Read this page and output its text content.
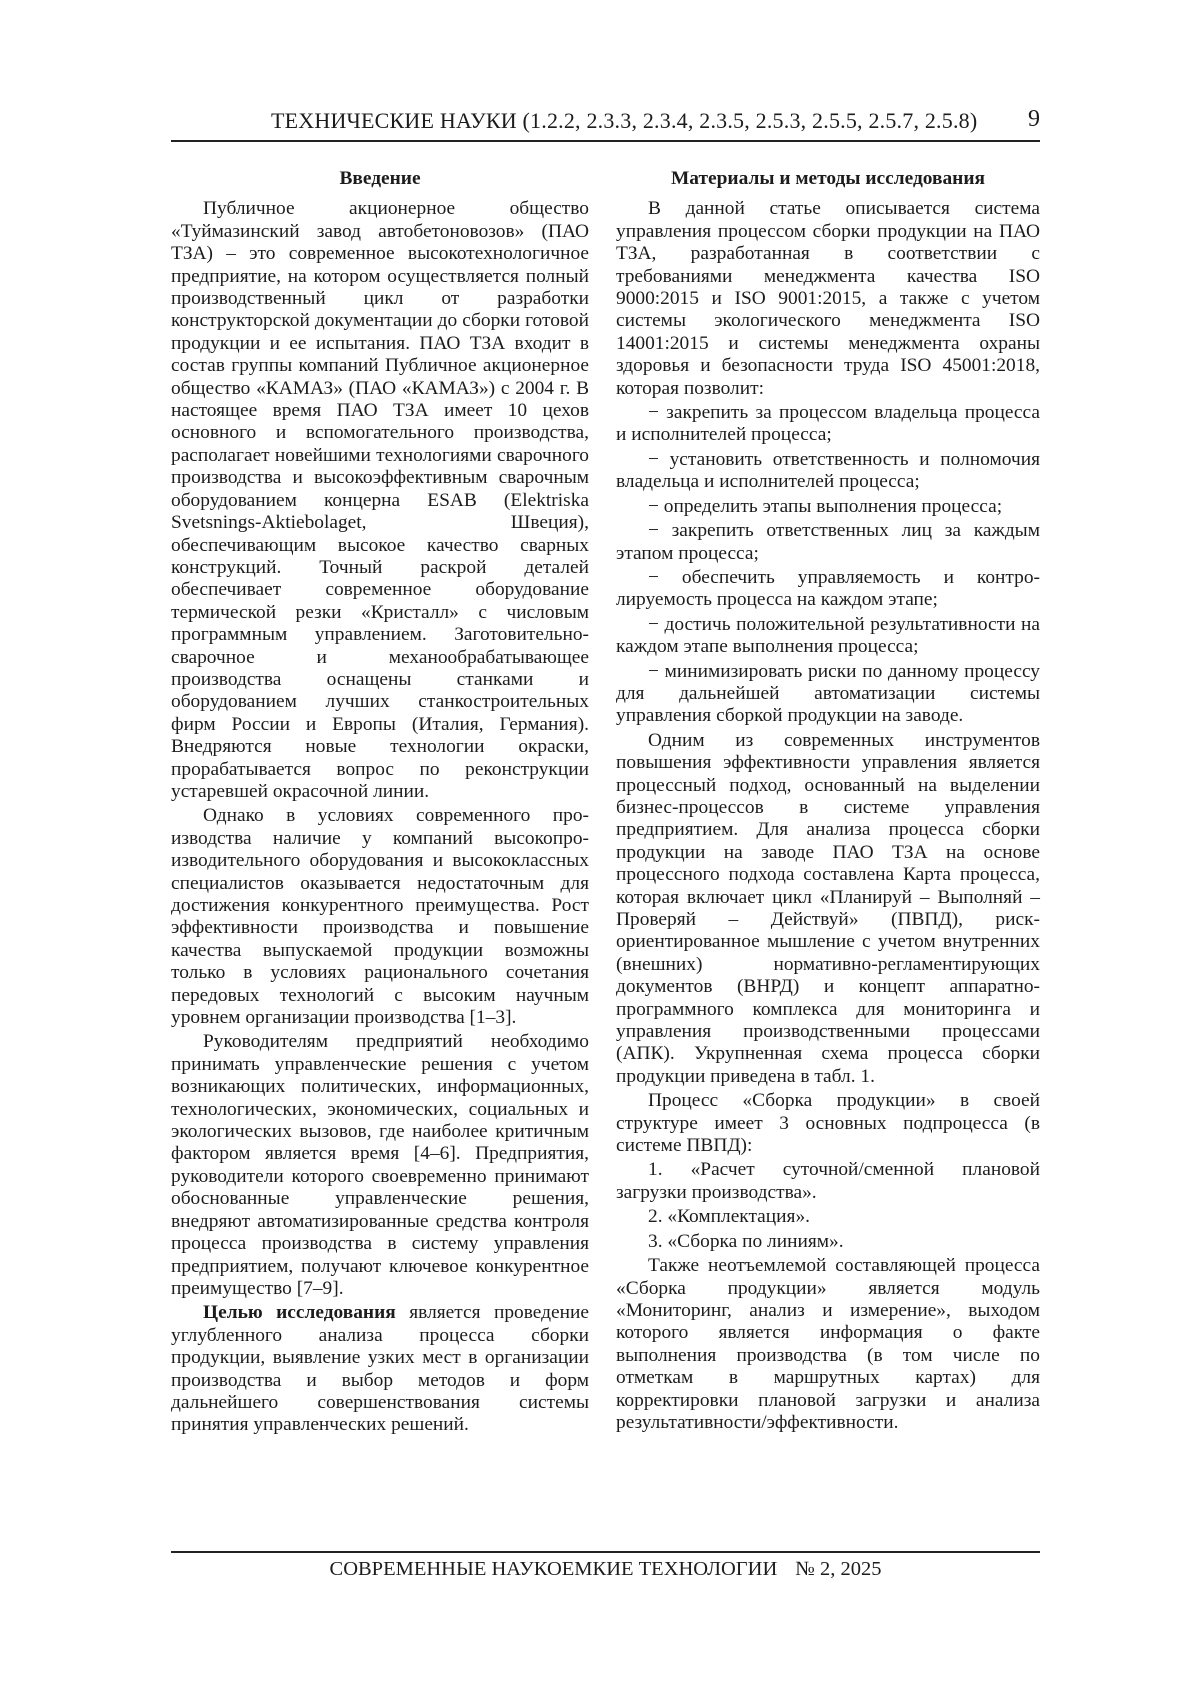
ТЕХНИЧЕСКИЕ НАУКИ (1.2.2, 2.3.3, 2.3.4, 2.3.5, 2.5.3, 2.5.5, 2.5.7, 2.5.8) 9
Введение

Публичное акционерное общество «Туймазинский завод автобетоновозов» (ПАО ТЗА) – это современное высокотех­нологичное предприятие, на котором осу­ществляется полный производственный цикл от разработки конструкторской до­кументации до сборки готовой продукции и ее испытания. ПАО ТЗА входит в состав группы компаний Публичное акционер­ное общество «КАМАЗ» (ПАО «КАМАЗ») с 2004 г. В настоящее время ПАО ТЗА име­ет 10 цехов основного и вспомогательного производства, располагает новейшими тех­нологиями сварочного производства и вы­сокоэффективным сварочным оборудова­нием концерна ESAB (Elektriska Svetsnings-Aktiebolaget, Швеция), обеспечивающим высокое качество сварных конструкций. Точный раскрой деталей обеспечивает со­временное оборудование термической рез­ки «Кристалл» с числовым программным управлением. Заготовительно-сварочное и механообрабатывающее производства ос­нащены станками и оборудованием лучших станкостроительных фирм России и Евро­пы (Италия, Германия). Внедряются новые технологии окраски, прорабатывается во­прос по реконструкции устаревшей окра­сочной линии.

Однако в условиях современного про­изводства наличие у компаний высокопро­изводительного оборудования и высоко­классных специалистов оказывается недо­статочным для достижения конкурентного преимущества. Рост эффективности про­изводства и повышение качества выпуска­емой продукции возможны только в усло­виях рационального сочетания передовых технологий с высоким научным уровнем организации производства [1–3].

Руководителям предприятий необхо­димо принимать управленческие решения с учетом возникающих политических, ин­формационных, технологических, эконо­мических, социальных и экологических вы­зовов, где наиболее критичным фактором является время [4–6]. Предприятия, руково­дители которого своевременно принимают обоснованные управленческие решения, внедряют автоматизированные средства контроля процесса производства в систему управления предприятием, получают клю­чевое конкурентное преимущество [7–9].

Целью исследования является проведе­ние углубленного анализа процесса сборки продукции, выявление узких мест в органи­зации производства и выбор методов и форм дальнейшего совершенствования системы принятия управленческих решений.

Материалы и методы исследования

В данной статье описывается система управления процессом сборки продукции на ПАО ТЗА, разработанная в соответствии с требованиями менеджмента качества ISO 9000:2015 и ISO 9001:2015, а также с уче­том системы экологического менеджмента ISO 14001:2015 и системы менеджмента охраны здоровья и безопасности труда ISO 45001:2018, которая позволит:

− закрепить за процессом владельца процесса и исполнителей процесса;

− установить ответственность и полно­мочия владельца и исполнителей процесса;

− определить этапы выполнения про­цесса;

− закрепить ответственных лиц за каж­дым этапом процесса;

− обеспечить управляемость и контро­лируемость процесса на каждом этапе;

− достичь положительной результатив­ности на каждом этапе выполнения про­цесса;

− минимизировать риски по данному процессу для дальнейшей автоматизации системы управления сборкой продукции на заводе.

Одним из современных инструментов повышения эффективности управления является процессный подход, основанный на выделении бизнес-процессов в систе­ме управления предприятием. Для анали­за процесса сборки продукции на заводе ПАО ТЗА на основе процессного подхо­да составлена Карта процесса, которая включает цикл «Планируй – Выполняй – Проверяй – Действуй» (ПВПД), риск-ориентированное мышление с учетом внутренних (внешних) нормативно-регла­ментирующих документов (ВНРД) и кон­цепт аппаратно-программного комплекса для мониторинга и управления произ­водственными процессами (АПК). Укруп­ненная схема процесса сборки продукции приведена в табл. 1.

Процесс «Сборка продукции» в сво­ей структуре имеет 3 основных подпроцес­са (в системе ПВПД):

1. «Расчет суточной/сменной плановой загрузки производства».

2. «Комплектация».

3. «Сборка по линиям».

Также неотъемлемой составляющей процесса «Сборка продукции» является мо­дуль «Мониторинг, анализ и измерение», выходом которого является информация о факте выполнения производства (в том числе по отметкам в маршрутных картах) для корректировки плановой загрузки и ана­лиза результативности/эффективности.

СОВРЕМЕННЫЕ НАУКОЕМКИЕ ТЕХНОЛОГИИ № 2, 2025
